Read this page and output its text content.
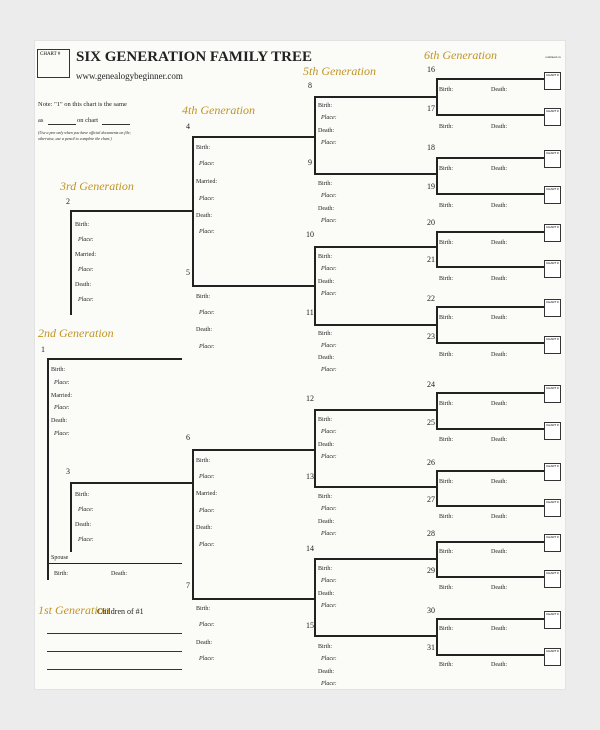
CHART # SIX GENERATION FAMILY TREE
www.genealogybeginner.com
Note: "1" on this chart is the same
as	on chart
(Use a pen only when you have official documents on file;
otherwise, use a pencil to complete the chart.)
continued on
1st Generation
2nd Generation
3rd Generation
4th Generation
5th Generation
6th Generation
1
Birth:
Place:
Married:
Place:
Death:
Place:
Spouse
Birth:	Death:
Children of #1
2
Birth:
Place:
Married:
Place:
Death:
Place:
3
Birth:
Place:
Death:
Place:
4
Birth:
Place:
Married:
Place:
Death:
Place:
5
Birth:
Place:
Death:
Place:
6
Birth:
Place:
Married:
Place:
Death:
Place:
7
Birth:
Place:
Death:
Place:
8
Birth:
Place:
Death:
Place:
9
Birth:
Place:
Death:
Place:
10
Birth:
Place:
Death:
Place:
11
Birth:
Place:
Death:
Place:
12
Birth:
Place:
Death:
Place:
13
Birth:
Place:
Death:
Place:
14
Birth:
Place:
Death:
Place:
15
Birth:
Place:
Death:
Place:
16
CHART #
Birth:	Death:
17	CHART #
Birth:	Death:
18
CHART #
Birth:	Death:
19	CHART #
Birth:	Death:
20	CHART #
Birth:	Death:
21	CHART #
Birth:	Death:
22	CHART #
Birth:	Death:
23	CHART #
Birth:	Death:
24	CHART #
Birth:	Death:
25	CHART #
Birth:	Death:
26	CHART #
Birth:	Death:
27	CHART #
Birth:	Death:
28	CHART #
Birth:	Death:
29	CHART #
Birth:	Death:
30	CHART #
Birth:	Death:
31	CHART #
Birth:	Death:
